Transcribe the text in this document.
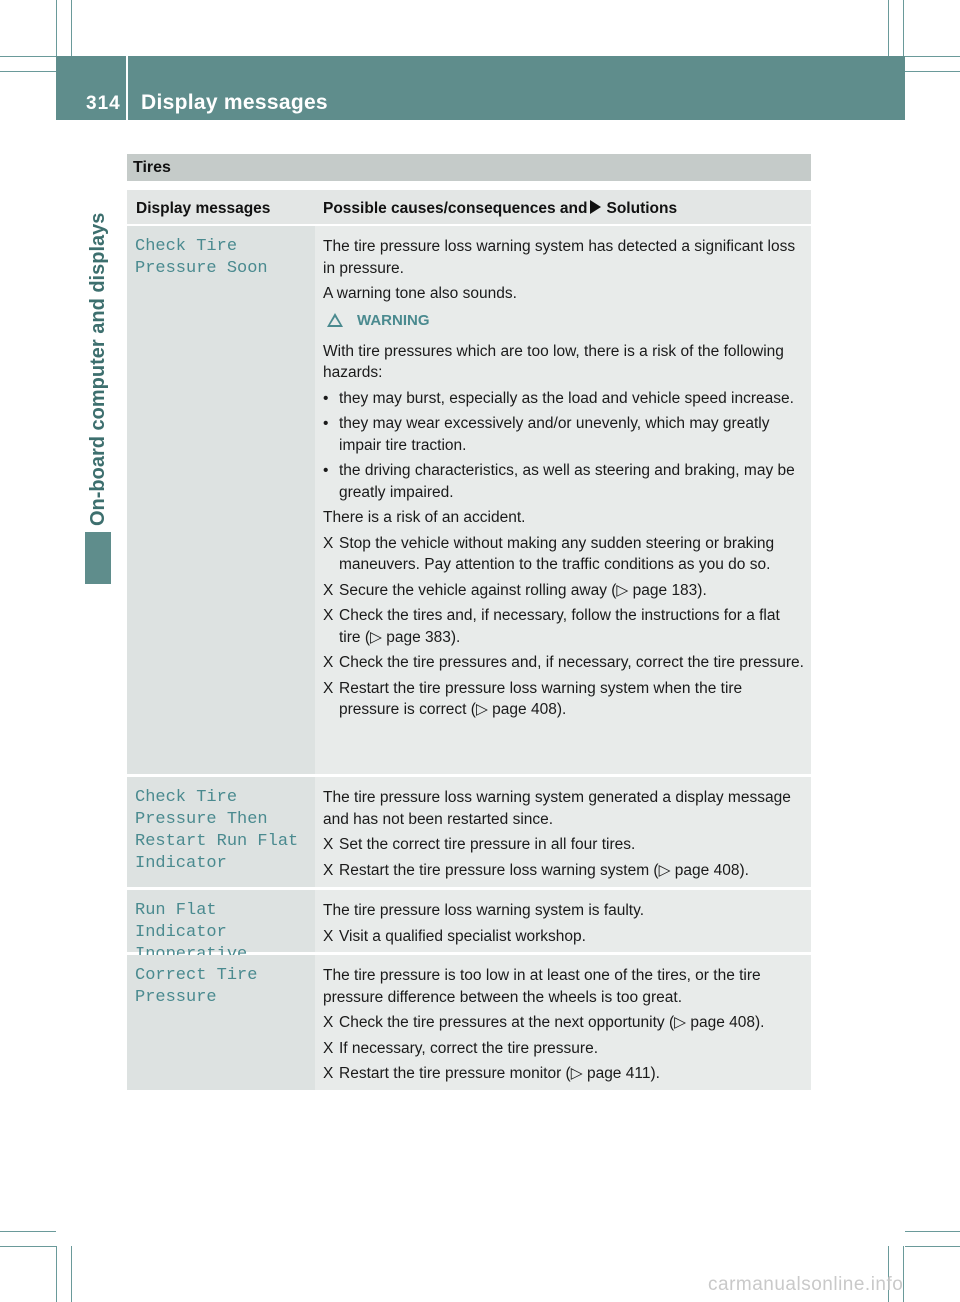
314 Display messages
On-board computer and displays
Tires
Display messages	Possible causes/consequences and Solutions
Check Tire
Pressure Soon
The tire pressure loss warning system has detected a significant loss in pressure.
A warning tone also sounds.
WARNING
With tire pressures which are too low, there is a risk of the following hazards:
• they may burst, especially as the load and vehicle speed increase.
• they may wear excessively and/or unevenly, which may greatly impair tire traction.
• the driving characteristics, as well as steering and braking, may be greatly impaired.
There is a risk of an accident.
X Stop the vehicle without making any sudden steering or braking maneuvers. Pay attention to the traffic conditions as you do so.
X Secure the vehicle against rolling away (▷ page 183).
X Check the tires and, if necessary, follow the instructions for a flat tire (▷ page 383).
X Check the tire pressures and, if necessary, correct the tire pressure.
X Restart the tire pressure loss warning system when the tire pressure is correct (▷ page 408).
Check Tire
Pressure Then
Restart Run Flat
Indicator
The tire pressure loss warning system generated a display message and has not been restarted since.
X Set the correct tire pressure in all four tires.
X Restart the tire pressure loss warning system (▷ page 408).
Run Flat Indicator

The tire pressure loss warning system is faulty.
X Visit a qualified specialist workshop.
Correct Tire
Pressure
The tire pressure is too low in at least one of the tires, or the tire pressure difference between the wheels is too great.
X Check the tire pressures at the next opportunity (▷ page 408).
X If necessary, correct the tire pressure.
X Restart the tire pressure monitor (▷ page 411).
carmanualsonline.info
